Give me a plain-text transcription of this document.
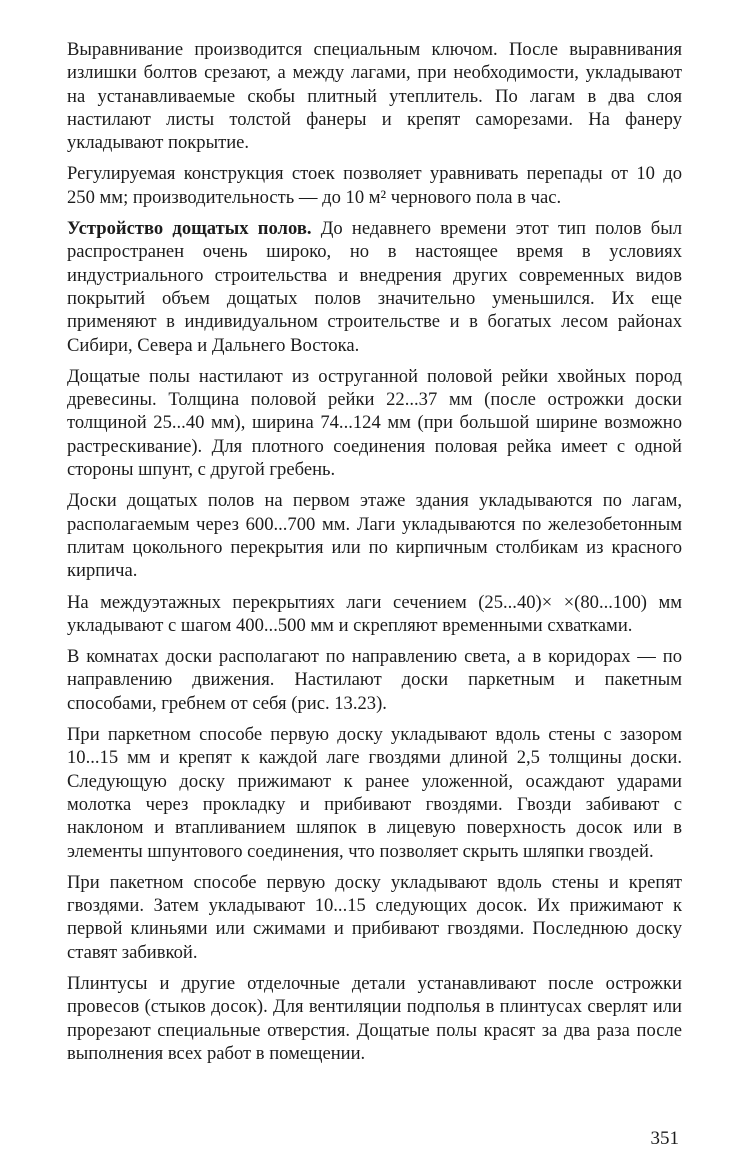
Выравнивание производится специальным ключом. После выравнивания излишки болтов срезают, а между лагами, при необходимости, укладывают на устанавливаемые скобы плитный утеплитель. По лагам в два слоя настилают листы толстой фанеры и крепят саморезами. На фанеру укладывают покрытие.

Регулируемая конструкция стоек позволяет уравнивать перепады от 10 до 250 мм; производительность — до 10 м² чернового пола в час.

Устройство дощатых полов. До недавнего времени этот тип полов был распространен очень широко, но в настоящее время в условиях индустриального строительства и внедрения других современных видов покрытий объем дощатых полов значительно уменьшился. Их еще применяют в индивидуальном строительстве и в богатых лесом районах Сибири, Севера и Дальнего Востока.

Дощатые полы настилают из оструганной половой рейки хвойных пород древесины. Толщина половой рейки 22...37 мм (после острожки доски толщиной 25...40 мм), ширина 74...124 мм (при большой ширине возможно растрескивание). Для плотного соединения половая рейка имеет с одной стороны шпунт, с другой гребень.

Доски дощатых полов на первом этаже здания укладываются по лагам, располагаемым через 600...700 мм. Лаги укладываются по железобетонным плитам цокольного перекрытия или по кирпичным столбикам из красного кирпича.

На междуэтажных перекрытиях лаги сечением (25...40)× ×(80...100) мм укладывают с шагом 400...500 мм и скрепляют временными схватками.

В комнатах доски располагают по направлению света, а в коридорах — по направлению движения. Настилают доски паркетным и пакетным способами, гребнем от себя (рис. 13.23).

При паркетном способе первую доску укладывают вдоль стены с зазором 10...15 мм и крепят к каждой лаге гвоздями длиной 2,5 толщины доски. Следующую доску прижимают к ранее уложенной, осаждают ударами молотка через прокладку и прибивают гвоздями. Гвозди забивают с наклоном и втапливанием шляпок в лицевую поверхность досок или в элементы шпунтового соединения, что позволяет скрыть шляпки гвоздей.

При пакетном способе первую доску укладывают вдоль стены и крепят гвоздями. Затем укладывают 10...15 следующих досок. Их прижимают к первой клиньями или сжимами и прибивают гвоздями. Последнюю доску ставят забивкой.

Плинтусы и другие отделочные детали устанавливают после острожки провесов (стыков досок). Для вентиляции подполья в плинтусах сверлят или прорезают специальные отверстия. Дощатые полы красят за два раза после выполнения всех работ в помещении.

351
